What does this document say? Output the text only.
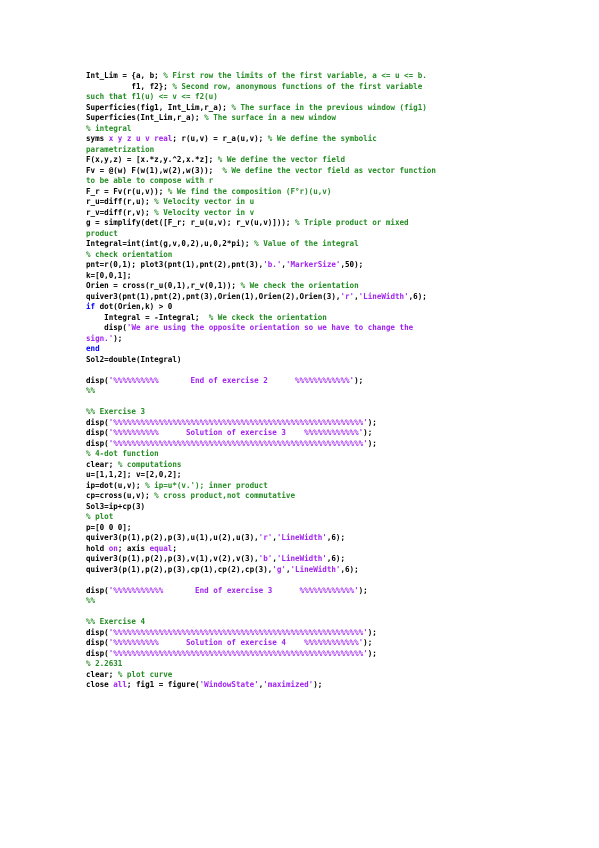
Int_Lim = {a, b; % First row the limits of the first variable, a <= u <= b.
f1, f2}; % Second row, anonymous functions of the first variable
such that f1(u) <= v <= f2(u)
Superficies(fig1, Int_Lim,r_a); % The surface in the previous window (fig1)
Superficies(Int_Lim,r_a); % The surface in a new window
% integral
syms x y z u v real; r(u,v) = r_a(u,v); % We define the symbolic
parametrization
F(x,y,z) = [x.*z,y.^2,x.*z]; % We define the vector field
Fv = @(w) F(w(1),w(2),w(3));  % We define the vector field as vector function
to be able to compose with r
F_r = Fv(r(u,v)); % We find the composition (F°r)(u,v)
r_u=diff(r,u); % Velocity vector in u
r_v=diff(r,v); % Velocity vector in v
g = simplify(det([F_r; r_u(u,v); r_v(u,v)])); % Triple product or mixed
product
Integral=int(int(g,v,0,2),u,0,2*pi); % Value of the integral
% check orientation
pnt=r(0,1); plot3(pnt(1),pnt(2),pnt(3),'b.','MarkerSize',50);
k=[0,0,1];
Orien = cross(r_u(0,1),r_v(0,1)); % We check the orientation
quiver3(pnt(1),pnt(2),pnt(3),Orien(1),Orien(2),Orien(3),'r','LineWidth',6);
if dot(Orien,k) > 0
Integral = -Integral;  % We ckeck the orientation
disp('We are using the opposite orientation so we have to change the
sign.');
end
Sol2=double(Integral)
disp('%%%%%%%%%%       End of exercise 2      %%%%%%%%%%%%');
%%
%% Exercise 3
disp('%%%%%%%%%%%%%%%%%%%%%%%%%%%%%%%%%%%%%%%%%%%%%%%%%%%%%%%');
disp('%%%%%%%%%%      Solution of exercise 3    %%%%%%%%%%%%');
disp('%%%%%%%%%%%%%%%%%%%%%%%%%%%%%%%%%%%%%%%%%%%%%%%%%%%%%%%');
% 4-dot function
clear; % computations
u=[1,1,2]; v=[2,0,2];
ip=dot(u,v); % ip=u*(v.'); inner product
cp=cross(u,v); % cross product,not commutative
Sol3=ip+cp(3)
% plot
p=[0 0 0];
quiver3(p(1),p(2),p(3),u(1),u(2),u(3),'r','LineWidth',6);
hold on; axis equal;
quiver3(p(1),p(2),p(3),v(1),v(2),v(3),'b','LineWidth',6);
quiver3(p(1),p(2),p(3),cp(1),cp(2),cp(3),'g','LineWidth',6);
disp('%%%%%%%%%%%       End of exercise 3      %%%%%%%%%%%%');
%%
%% Exercise 4
disp('%%%%%%%%%%%%%%%%%%%%%%%%%%%%%%%%%%%%%%%%%%%%%%%%%%%%%%%');
disp('%%%%%%%%%%      Solution of exercise 4    %%%%%%%%%%%%');
disp('%%%%%%%%%%%%%%%%%%%%%%%%%%%%%%%%%%%%%%%%%%%%%%%%%%%%%%%');
% 2.2631
clear; % plot curve
close all; fig1 = figure('WindowState','maximized');
